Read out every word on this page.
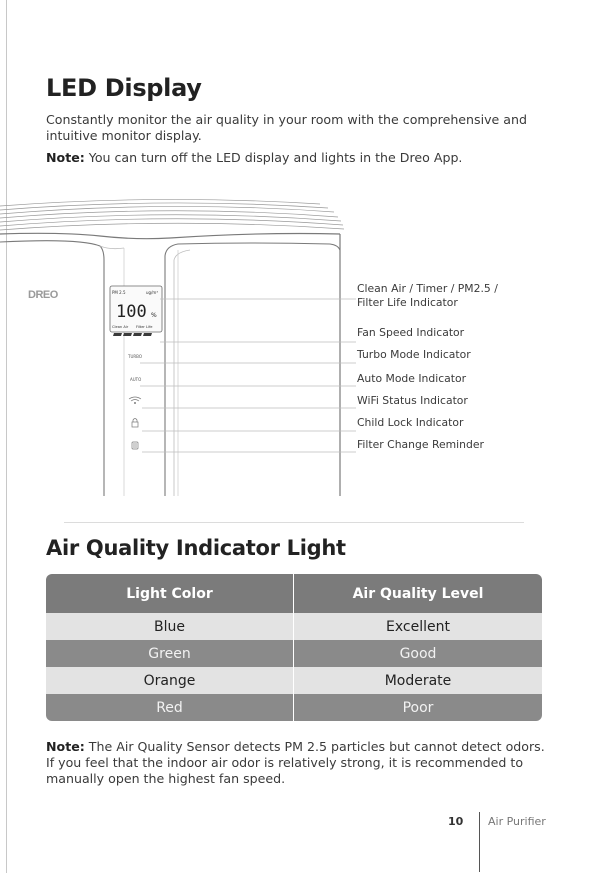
LED Display
Constantly monitor the air quality in your room with the comprehensive and intuitive monitor display.
Note: You can turn off the LED display and lights in the Dreo App.
DREO	PM 2.5	ug/m³
100 %
Clean Air Filter Life
TURBO
AUTO
Clean Air / Timer / PM2.5 /
Filter Life Indicator
Fan Speed Indicator
Turbo Mode Indicator
Auto Mode Indicator
WiFi Status Indicator
Child Lock Indicator
Filter Change Reminder
Air Quality Indicator Light
Light Color	Air Quality Level
Blue	Excellent
Green	Good
Orange	Moderate
Red	Poor
Note: The Air Quality Sensor detects PM 2.5 particles but cannot detect odors. If you feel that the indoor air odor is relatively strong, it is recommended to manually open the highest fan speed.
10 Air Purifier
